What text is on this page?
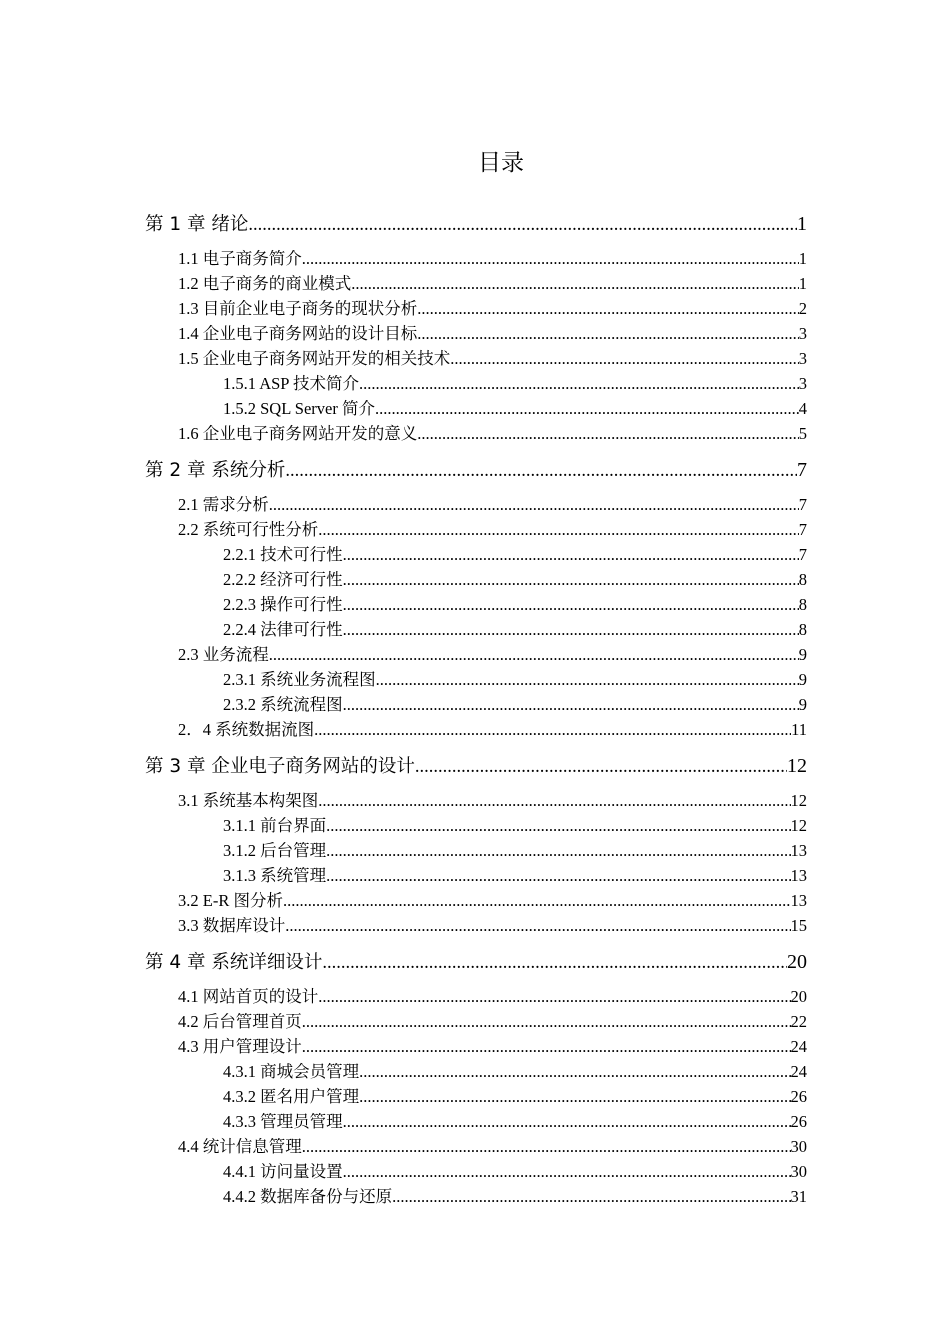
目录
第 1 章 绪论 .....	1
1.1 电子商务简介 .....	1
1.2 电子商务的商业模式 .....	1
1.3 目前企业电子商务的现状分析 .....	2
1.4 企业电子商务网站的设计目标 .....	3
1.5 企业电子商务网站开发的相关技术 .....	3
1.5.1 ASP 技术简介 .....	3
1.5.2 SQL Server 简介 .....	4
1.6 企业电子商务网站开发的意义 .....	5
第 2 章 系统分析 .....	7
2.1 需求分析 .....	7
2.2 系统可行性分析 .....	7
2.2.1 技术可行性 .....	7
2.2.2 经济可行性 .....	8
2.2.3 操作可行性 .....	8
2.2.4 法律可行性 .....	8
2.3 业务流程 .....	9
2.3.1 系统业务流程图 .....	9
2.3.2 系统流程图 .....	9
2．4 系统数据流图 .....	11
第 3 章 企业电子商务网站的设计 .....	12
3.1 系统基本构架图 .....	12
3.1.1 前台界面 .....	12
3.1.2 后台管理 .....	13
3.1.3 系统管理 .....	13
3.2 E-R 图分析 .....	13
3.3 数据库设计 .....	15
第 4 章 系统详细设计 .....	20
4.1 网站首页的设计 .....	20
4.2 后台管理首页 .....	22
4.3 用户管理设计 .....	24
4.3.1 商城会员管理 .....	24
4.3.2 匿名用户管理 .....	26
4.3.3 管理员管理 .....	26
4.4 统计信息管理 .....	30
4.4.1 访问量设置 .....	30
4.4.2 数据库备份与还原 .....	31
